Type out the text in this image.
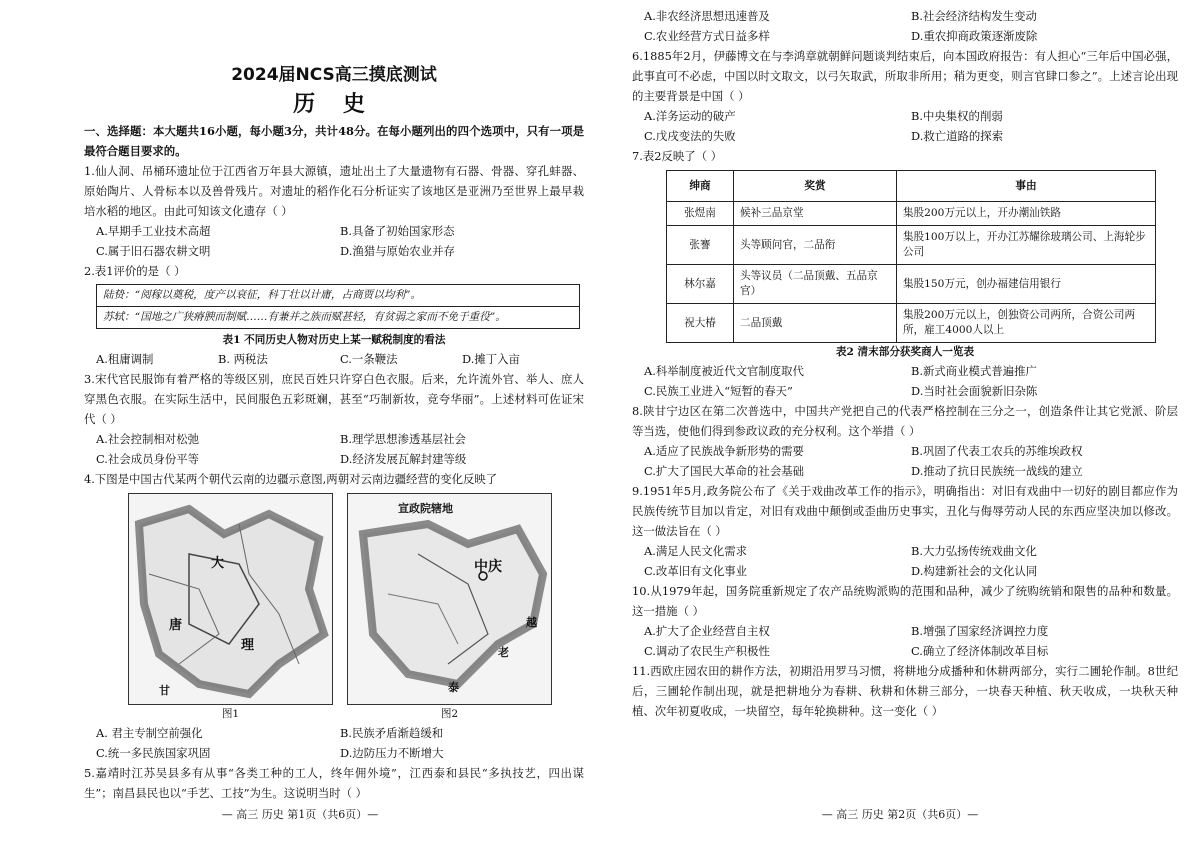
2024届NCS高三摸底测试
历 史

一、选择题：本大题共16小题，每小题3分，共计48分。在每小题列出的四个选项中，只有一项是最符合题目要求的。

1.仙人洞、吊桶环遗址位于江西省万年县大源镇，遗址出土了大量遗物有石器、骨器、穿孔蚌器、原始陶片、人骨标本以及兽骨残片。对遗址的稻作化石分析证实了该地区是亚洲乃至世界上最早栽培水稻的地区。由此可知该文化遗存（ ）

A.早期手工业技术高超	B.具备了初始国家形态
C.属于旧石器农耕文明	D.渔猎与原始农业并存

2.表1评价的是（ ）

陆贽：“阅稼以奠税，度产以衰征，科丁壮以计庸，占商贾以均利”。
苏轼：“国地之广狭瘠腴而制赋……有兼并之族而赋甚轻，有贫弱之家而不免于重役”。
表1 不同历史人物对历史上某一赋税制度的看法
A.租庸调制	B. 两税法	C.一条鞭法	D.摊丁入亩

3.宋代官民服饰有着严格的等级区别，庶民百姓只许穿白色衣服。后来，允许流外官、举人、庶人穿黑色衣服。在实际生活中，民间服色五彩斑斓，甚至“巧制新妆，竞夸华丽”。上述材料可佐证宋代（ ）

A.社会控制相对松弛	B.理学思想渗透基层社会
C.社会成员身份平等	D.经济发展瓦解封建等级

4.下图是中国古代某两个朝代云南的边疆示意图,两朝对云南边疆经营的变化反映了

大
唐
理
甘
宣政院辖地
中庆
越
老
泰
图1	图2
A. 君主专制空前强化	B.民族矛盾渐趋缓和
C.统一多民族国家巩固	D.边防压力不断增大

5.嘉靖时江苏吴县多有从事“各类工种的工人，终年佣外境”，江西泰和县民“多执技艺，四出谋生”；南昌县民也以“手艺、工技”为生。这说明当时（ ）

— 高三 历史 第1页（共6页）—
A.非农经济思想迅速普及	B.社会经济结构发生变动
C.农业经营方式日益多样	D.重农抑商政策逐渐废除

6.1885年2月，伊藤博文在与李鸿章就朝鲜问题谈判结束后，向本国政府报告：有人担心“三年后中国必强，此事直可不必虑，中国以时文取文，以弓矢取武，所取非所用；稍为更变，则言官肆口参之”。上述言论出现的主要背景是中国（ ）

A.洋务运动的破产	B.中央集权的削弱
C.戊戌变法的失败	D.救亡道路的探索

7.表2反映了（ ）

绅商	奖赏	事由
张煜南	候补三品京堂	集股200万元以上，开办潮汕铁路
张謇	头等顾问官，二品衔	集股100万以上，开办江苏耀徐玻璃公司、上海轮步公司
林尔嘉	头等议员（二品顶戴、五品京官）	集股150万元，创办福建信用银行
祝大椿	二品顶戴	集股200万元以上，创独资公司两所，合资公司两所，雇工4000人以上
表2 清末部分获奖商人一览表
A.科举制度被近代文官制度取代	B.新式商业模式普遍推广
C.民族工业进入“短暂的春天”	D.当时社会面貌新旧杂陈

8.陕甘宁边区在第二次普选中，中国共产党把自己的代表严格控制在三分之一，创造条件让其它党派、阶层等当选，使他们得到参政议政的充分权利。这个举措（ ）

A.适应了民族战争新形势的需要	B.巩固了代表工农兵的苏维埃政权
C.扩大了国民大革命的社会基础	D.推动了抗日民族统一战线的建立

9.1951年5月,政务院公布了《关于戏曲改革工作的指示》，明确指出：对旧有戏曲中一切好的剧目都应作为民族传统节目加以肯定，对旧有戏曲中颠倒或歪曲历史事实，丑化与侮辱劳动人民的东西应坚决加以修改。这一做法旨在（ ）

A.满足人民文化需求	B.大力弘扬传统戏曲文化
C.改革旧有文化事业	D.构建新社会的文化认同

10.从1979年起，国务院重新规定了农产品统购派购的范围和品种，减少了统购统销和限售的品种和数量。这一措施（ ）

A.扩大了企业经营自主权	B.增强了国家经济调控力度
C.调动了农民生产积极性	C.确立了经济体制改革目标

11.西欧庄园农田的耕作方法，初期沿用罗马习惯，将耕地分成播种和休耕两部分，实行二圃轮作制。8世纪后，三圃轮作制出现，就是把耕地分为春耕、秋耕和休耕三部分，一块春天种植、秋天收成，一块秋天种植、次年初夏收成，一块留空，每年轮换耕种。这一变化（ ）

— 高三 历史 第2页（共6页）—
